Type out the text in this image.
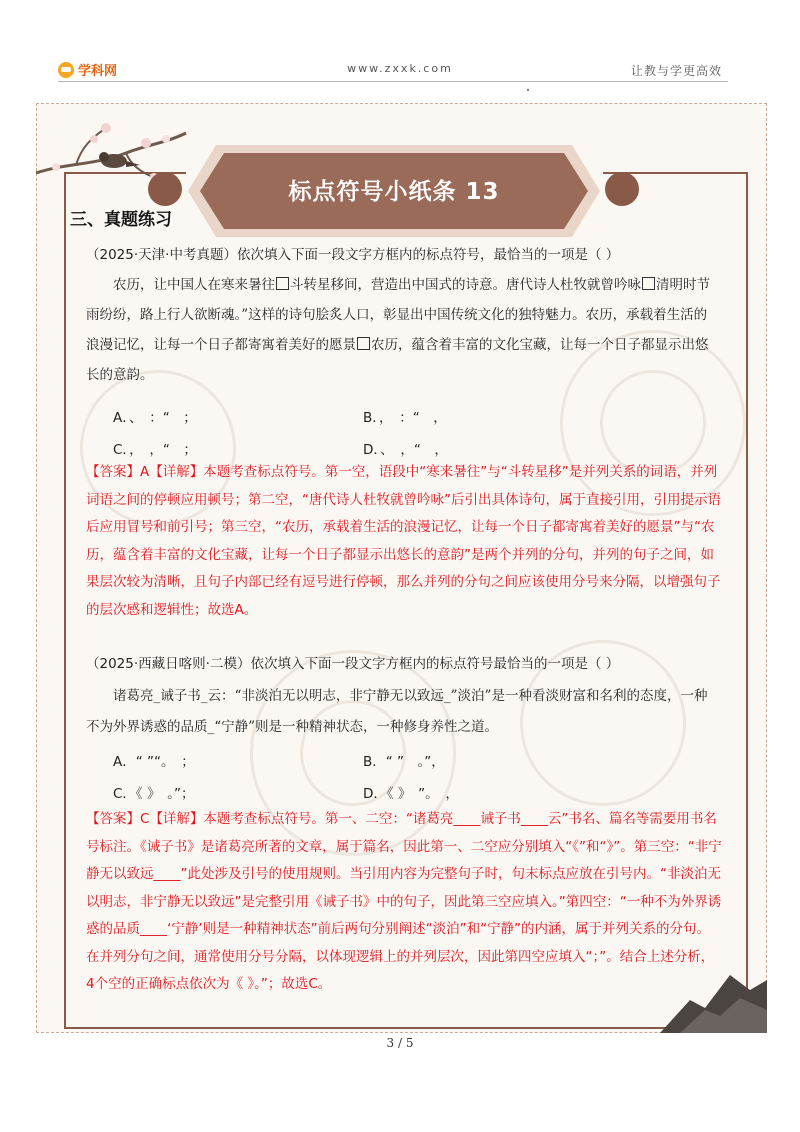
学科网	www.zxxk.com	让教与学更高效
标点符号小纸条 13
三、真题练习
（2025·天津·中考真题）依次填入下面一段文字方框内的标点符号，最恰当的一项是（ ）
农历，让中国人在寒来暑往 斗转星移间，营造出中国式的诗意。唐代诗人杜牧就曾吟咏 清明时节雨纷纷，路上行人欲断魂。”这样的诗句脍炙人口，彰显出中国传统文化的独特魅力。农历，承载着生活的浪漫记忆，让每一个日子都寄寓着美好的愿景 农历，蕴含着丰富的文化宝藏，让每一个日子都显示出悠长的意韵。
A．、　：“　；	B．，　：“　，
C．，　，“　；	D．、　，“　，
【答案】A【详解】本题考查标点符号。第一空，语段中“寒来暑往”与“斗转星移”是并列关系的词语，并列词语之间的停顿应用顿号；第二空，“唐代诗人杜牧就曾吟咏”后引出具体诗句，属于直接引用，引用提示语后应用冒号和前引号；第三空，“农历，承载着生活的浪漫记忆，让每一个日子都寄寓着美好的愿景”与“农历，蕴含着丰富的文化宝藏，让每一个日子都显示出悠长的意韵”是两个并列的分句，并列的句子之间，如果层次较为清晰，且句子内部已经有逗号进行停顿，那么并列的分句之间应该使用分号来分隔，以增强句子的层次感和逻辑性；故选A。
（2025·西藏日喀则·二模）依次填入下面一段文字方框内的标点符号最恰当的一项是（ ）
诸葛亮_诫子书_云：“非淡泊无以明志，非宁静无以致远_”淡泊”是一种看淡财富和名利的态度，一种不为外界诱惑的品质_“宁静”则是一种精神状态，一种修身养性之道。
A．“ ”“。　；	B．“ ”　。”，
C．《 》　。”；	D．《 》　”。　，
【答案】C【详解】本题考查标点符号。第一、二空：“诸葛亮____诫子书____云”书名、篇名等需要用书名号标注。《诫子书》是诸葛亮所著的文章，属于篇名，因此第一、二空应分别填入“《”和“》”。第三空：“非宁静无以致远____”此处涉及引号的使用规则。当引用内容为完整句子时，句末标点应放在引号内。“非淡泊无以明志，非宁静无以致远”是完整引用《诫子书》中的句子，因此第三空应填入。”第四空：“一种不为外界诱惑的品质____‘宁静’则是一种精神状态”前后两句分别阐述“淡泊”和“宁静”的内涵，属于并列关系的分句。在并列分句之间，通常使用分号分隔，以体现逻辑上的并列层次，因此第四空应填入“；”。结合上述分析，4个空的正确标点依次为《 》。”；故选C。
3 / 5
